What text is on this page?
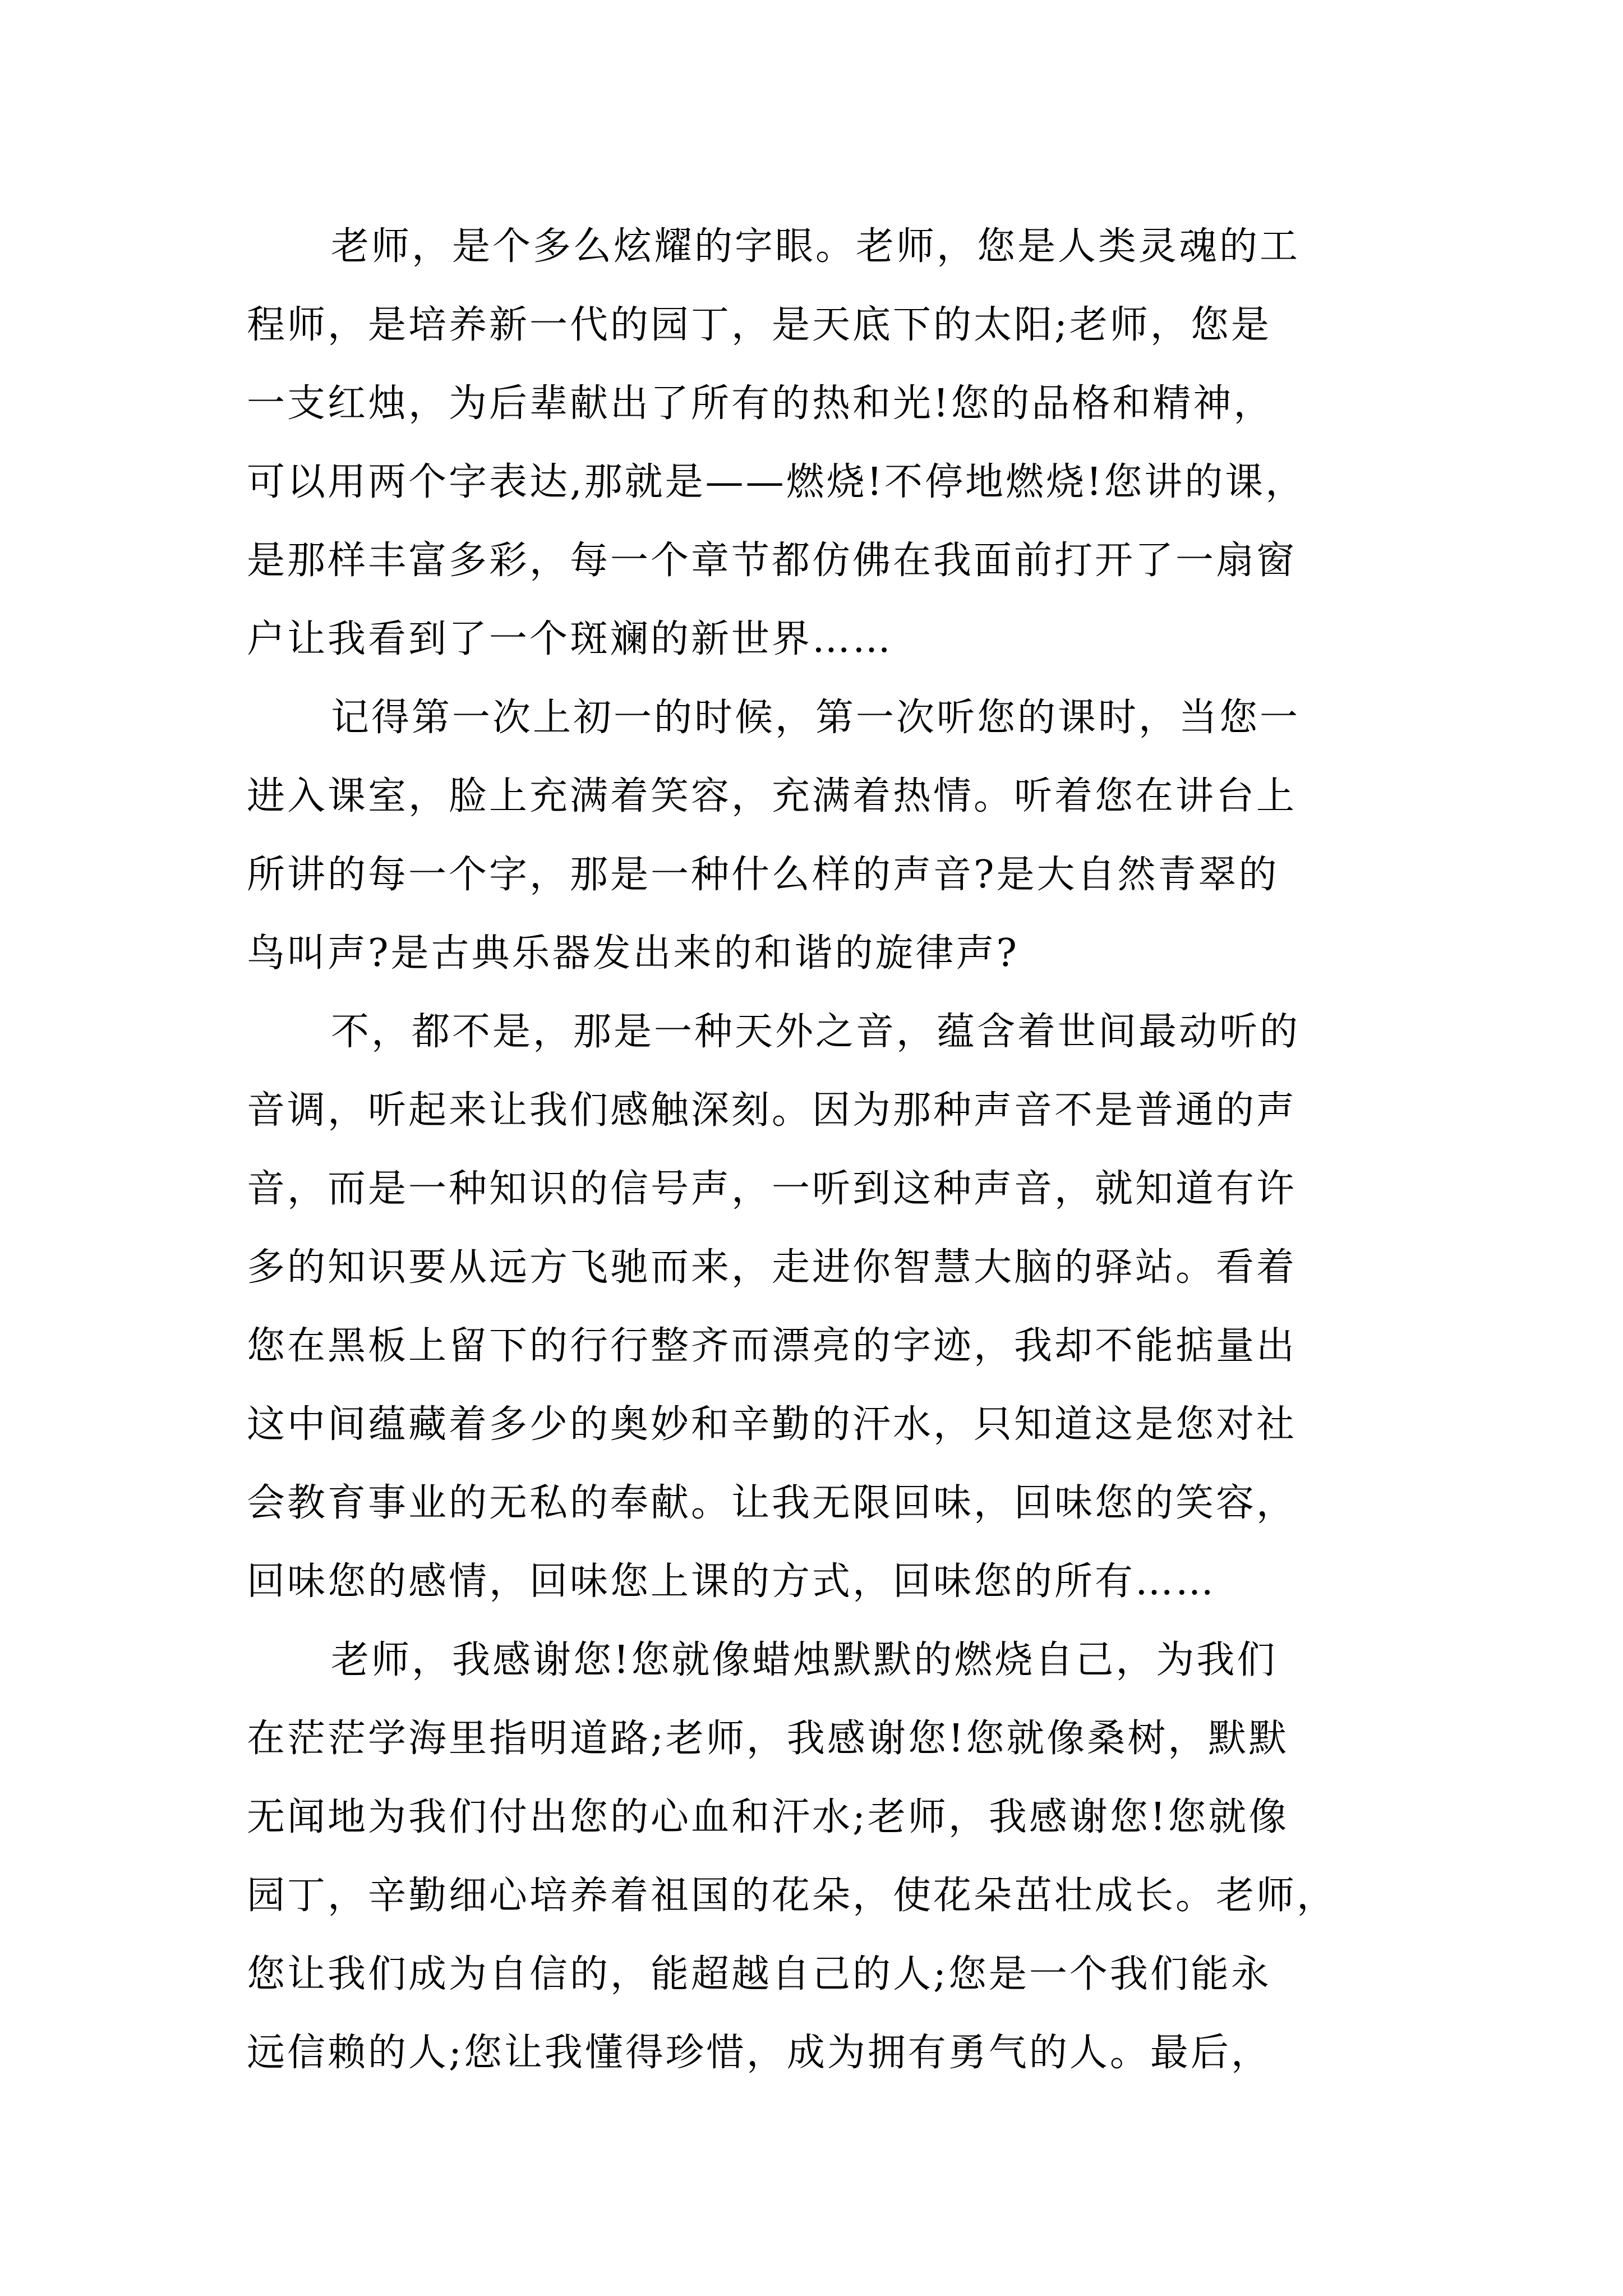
老师，是个多么炫耀的字眼。老师，您是人类灵魂的工
程师，是培养新一代的园丁，是天底下的太阳;老师，您是
一支红烛，为后辈献出了所有的热和光!您的品格和精神，
可以用两个字表达,那就是——燃烧!不停地燃烧!您讲的课，
是那样丰富多彩，每一个章节都仿佛在我面前打开了一扇窗
户让我看到了一个斑斓的新世界……
记得第一次上初一的时候，第一次听您的课时，当您一
进入课室，脸上充满着笑容，充满着热情。听着您在讲台上
所讲的每一个字，那是一种什么样的声音?是大自然青翠的
鸟叫声?是古典乐器发出来的和谐的旋律声?
不，都不是，那是一种天外之音，蕴含着世间最动听的
音调，听起来让我们感触深刻。因为那种声音不是普通的声
音，而是一种知识的信号声，一听到这种声音，就知道有许
多的知识要从远方飞驰而来，走进你智慧大脑的驿站。看着
您在黑板上留下的行行整齐而漂亮的字迹，我却不能掂量出
这中间蕴藏着多少的奥妙和辛勤的汗水，只知道这是您对社
会教育事业的无私的奉献。让我无限回味，回味您的笑容，
回味您的感情，回味您上课的方式，回味您的所有……
老师，我感谢您!您就像蜡烛默默的燃烧自己，为我们
在茫茫学海里指明道路;老师，我感谢您!您就像桑树，默默
无闻地为我们付出您的心血和汗水;老师，我感谢您!您就像
园丁，辛勤细心培养着祖国的花朵，使花朵茁壮成长。老师，
您让我们成为自信的，能超越自己的人;您是一个我们能永
远信赖的人;您让我懂得珍惜，成为拥有勇气的人。最后，
